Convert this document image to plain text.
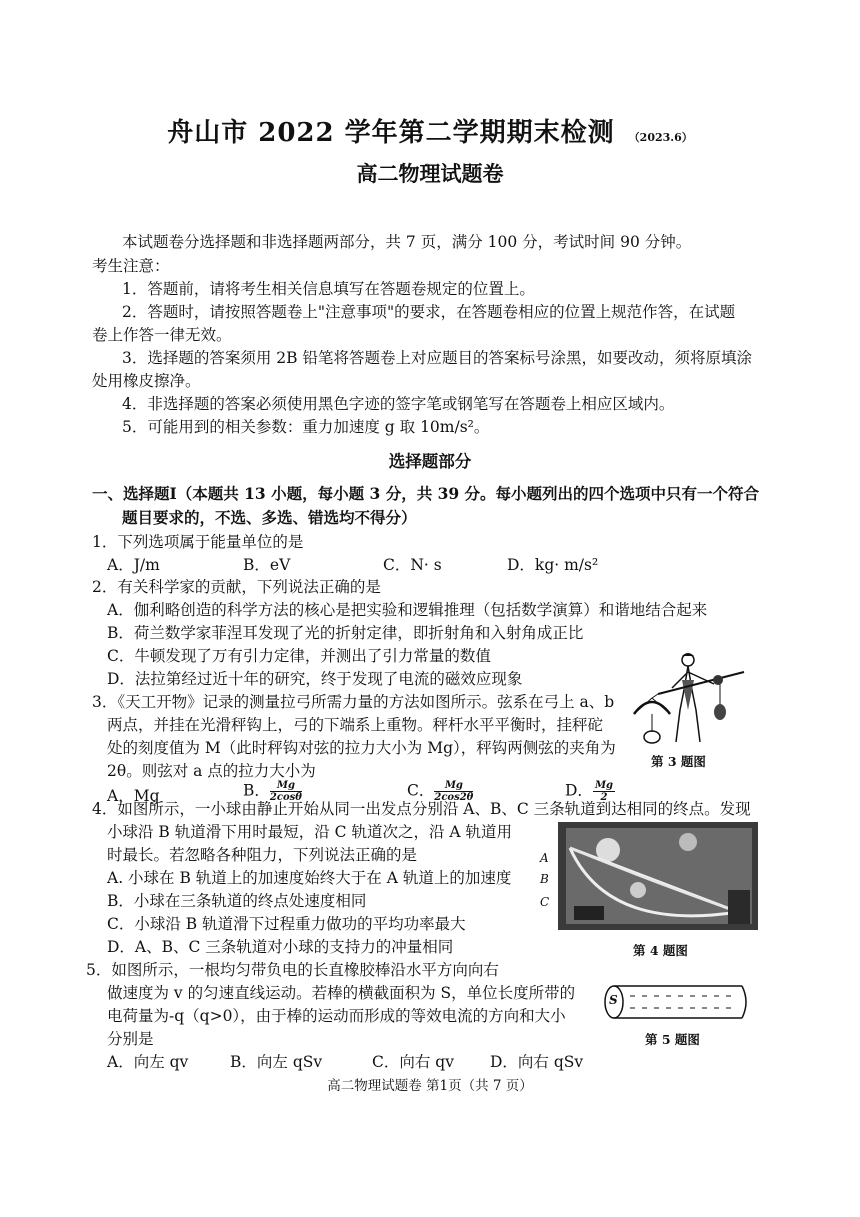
舟山市 2022 学年第二学期期末检测 （2023.6）
高二物理试题卷
本试题卷分选择题和非选择题两部分，共 7 页，满分 100 分，考试时间 90 分钟。
考生注意：
1．答题前，请将考生相关信息填写在答题卷规定的位置上。
2．答题时，请按照答题卷上"注意事项"的要求，在答题卷相应的位置上规范作答，在试题
卷上作答一律无效。
3．选择题的答案须用 2B 铅笔将答题卷上对应题目的答案标号涂黑，如要改动，须将原填涂
处用橡皮擦净。
4．非选择题的答案必须使用黑色字迹的签字笔或钢笔写在答题卷上相应区域内。
5．可能用到的相关参数：重力加速度 g 取 10m/s²。
选择题部分
一、选择题Ⅰ（本题共 13 小题，每小题 3 分，共 39 分。每小题列出的四个选项中只有一个符合
题目要求的，不选、多选、错选均不得分）
1．下列选项属于能量单位的是
A．J/m	B．eV	C．N· s	D．kg· m/s²
2．有关科学家的贡献，下列说法正确的是
A．伽利略创造的科学方法的核心是把实验和逻辑推理（包括数学演算）和谐地结合起来
B．荷兰数学家菲涅耳发现了光的折射定律，即折射角和入射角成正比
C．牛顿发现了万有引力定律，并测出了引力常量的数值
D．法拉第经过近十年的研究，终于发现了电流的磁效应现象
3．《天工开物》记录的测量拉弓所需力量的方法如图所示。弦系在弓上 a、b
两点，并挂在光滑秤钩上，弓的下端系上重物。秤杆水平平衡时，挂秤砣
处的刻度值为 M（此时秤钩对弦的拉力大小为 Mg），秤钩两侧弦的夹角为
2θ。则弦对 a 点的拉力大小为
A．Mg	B． $\frac{Mg}{2\cos\theta}$	C． $\frac{Mg}{2\cos 2\theta}$	D． $\frac{Mg}{2}$
第 3 题图
4．如图所示，一小球由静止开始从同一出发点分别沿 A、B、C 三条轨道到达相同的终点。发现
小球沿 B 轨道滑下用时最短，沿 C 轨道次之，沿 A 轨道用
时最长。若忽略各种阻力，下列说法正确的是
A. 小球在 B 轨道上的加速度始终大于在 A 轨道上的加速度
B．小球在三条轨道的终点处速度相同
C．小球沿 B 轨道滑下过程重力做功的平均功率最大
D．A、B、C 三条轨道对小球的支持力的冲量相同
A
B
C
第 4 题图
5．如图所示，一根均匀带负电的长直橡胶棒沿水平方向向右
做速度为 v 的匀速直线运动。若棒的横截面积为 S，单位长度所带的
电荷量为-q（q>0），由于棒的运动而形成的等效电流的方向和大小
分别是
A．向左 qv	B．向左 qSv	C．向右 qv D．向右 qSv
S
第 5 题图
高二物理试题卷 第1页（共 7 页）
